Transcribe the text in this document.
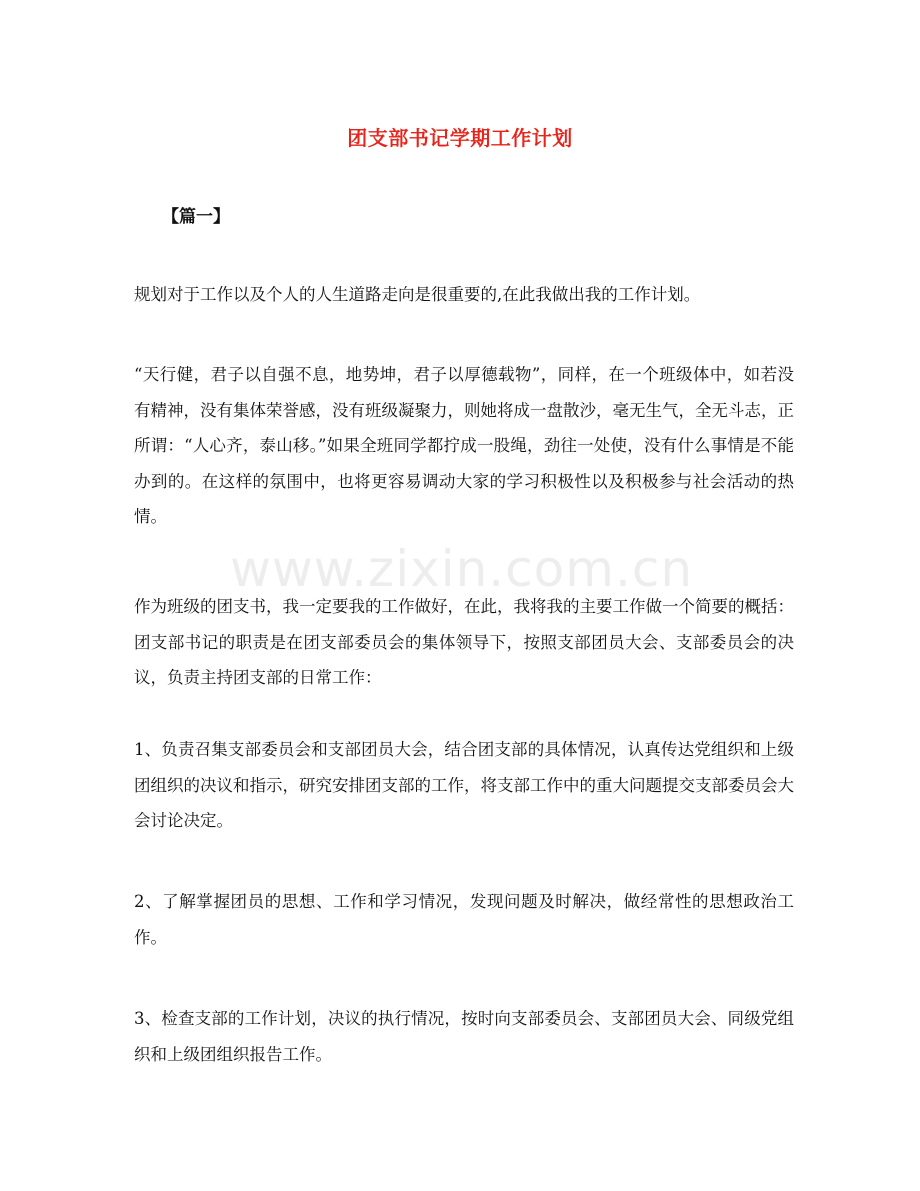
团支部书记学期工作计划
【篇一】

规划对于工作以及个人的人生道路走向是很重要的,在此我做出我的工作计划。

“天行健，君子以自强不息，地势坤，君子以厚德载物”，同样，在一个班级体中，如若没有精神，没有集体荣誉感，没有班级凝聚力，则她将成一盘散沙，毫无生气，全无斗志，正所谓：“人心齐，泰山移。”如果全班同学都拧成一股绳，劲往一处使，没有什么事情是不能办到的。在这样的氛围中，也将更容易调动大家的学习积极性以及积极参与社会活动的热情。

作为班级的团支书，我一定要我的工作做好，在此，我将我的主要工作做一个简要的概括：团支部书记的职责是在团支部委员会的集体领导下，按照支部团员大会、支部委员会的决议，负责主持团支部的日常工作：

1、负责召集支部委员会和支部团员大会，结合团支部的具体情况，认真传达党组织和上级团组织的决议和指示，研究安排团支部的工作，将支部工作中的重大问题提交支部委员会大会讨论决定。

2、了解掌握团员的思想、工作和学习情况，发现问题及时解决，做经常性的思想政治工作。

3、检查支部的工作计划，决议的执行情况，按时向支部委员会、支部团员大会、同级党组织和上级团组织报告工作。

www.zixin.com.cn
